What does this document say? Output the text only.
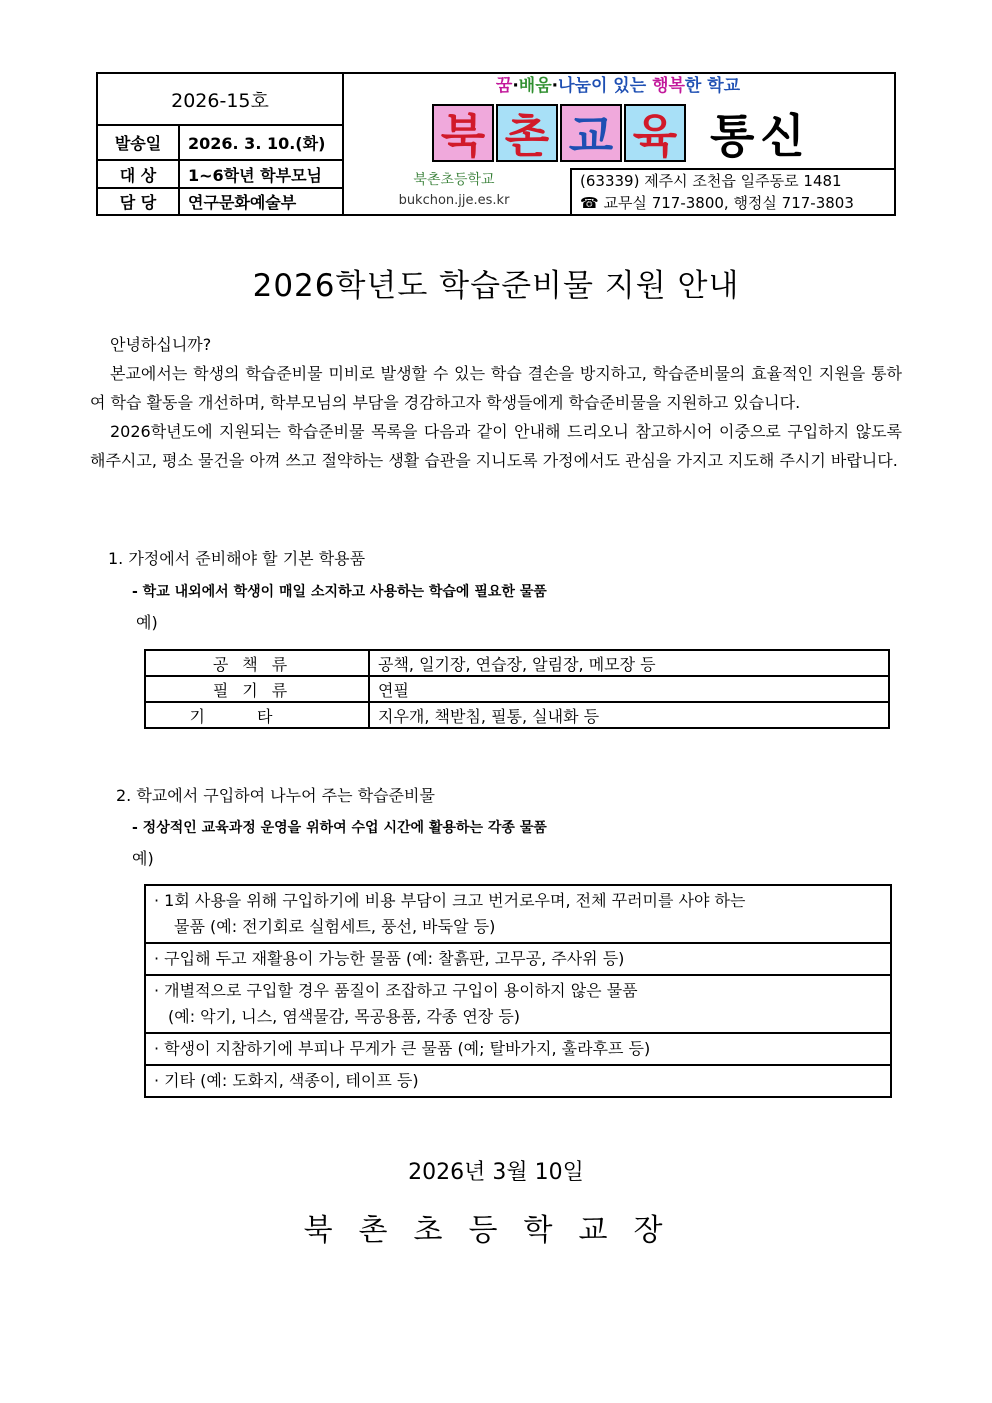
2026-15호
발송일	2026. 3. 10.(화)
대 상	1~6학년 학부모님
담 당	연구문화예술부
꿈·배움·나눔이 있는 행복한 학교
북 촌 교 육 통신
북촌초등학교
bukchon.jje.es.kr
(63339) 제주시 조천읍 일주동로 1481
☎ 교무실 717-3800, 행정실 717-3803
2026학년도 학습준비물 지원 안내

안녕하십니까?

본교에서는 학생의 학습준비물 미비로 발생할 수 있는 학습 결손을 방지하고, 학습준비물의 효율적인 지원을 통하여 학습 활동을 개선하며, 학부모님의 부담을 경감하고자 학생들에게 학습준비물을 지원하고 있습니다.

2026학년도에 지원되는 학습준비물 목록을 다음과 같이 안내해 드리오니 참고하시어 이중으로 구입하지 않도록 해주시고, 평소 물건을 아껴 쓰고 절약하는 생활 습관을 지니도록 가정에서도 관심을 가지고 지도해 주시기 바랍니다.

1. 가정에서 준비해야 할 기본 학용품
- 학교 내외에서 학생이 매일 소지하고 사용하는 학습에 필요한 물품
예)
공책류	공책, 일기장, 연습장, 알림장, 메모장 등
필기류	연필
기타	지우개, 책받침, 필통, 실내화 등
2. 학교에서 구입하여 나누어 주는 학습준비물
- 정상적인 교육과정 운영을 위하여 수업 시간에 활용하는 각종 물품
예)
· 1회 사용을 위해 구입하기에 비용 부담이 크고 번거로우며, 전체 꾸러미를 사야 하는
물품 (예: 전기회로 실험세트, 풍선, 바둑알 등)
· 구입해 두고 재활용이 가능한 물품 (예: 찰흙판, 고무공, 주사위 등)
· 개별적으로 구입할 경우 품질이 조잡하고 구입이 용이하지 않은 물품
(예: 악기, 니스, 염색물감, 목공용품, 각종 연장 등)
· 학생이 지참하기에 부피나 무게가 큰 물품 (예; 탈바가지, 훌라후프 등)
· 기타 (예: 도화지, 색종이, 테이프 등)
2026년 3월 10일
북촌초등학교장
